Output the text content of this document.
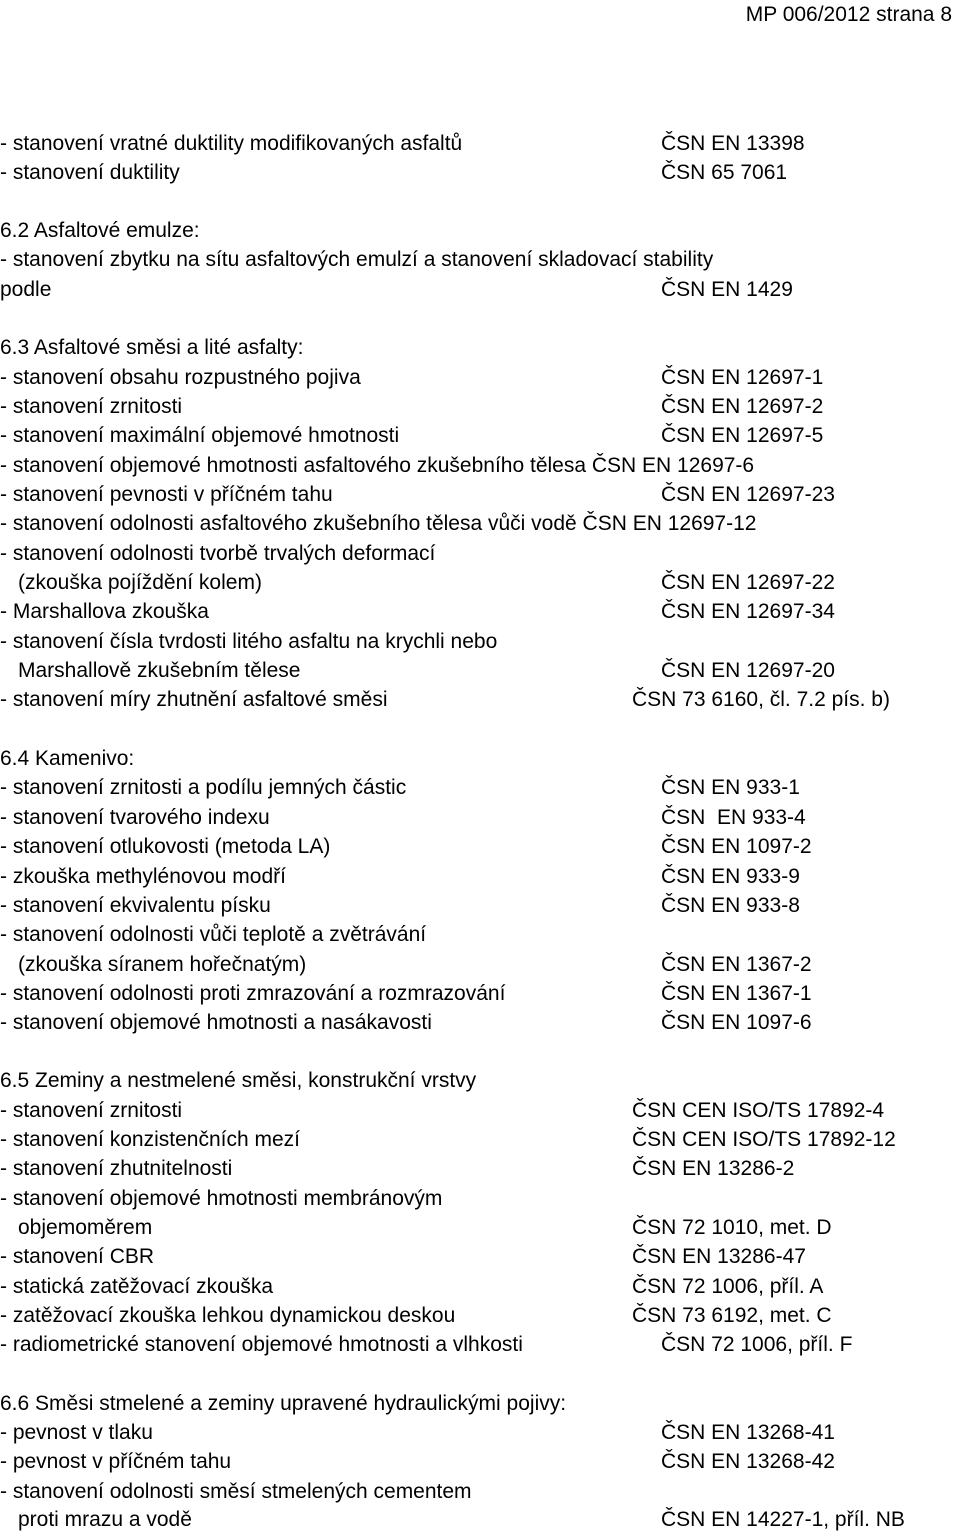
MP 006/2012 strana 8
- stanovení vratné duktility modifikovaných asfaltů	ČSN EN 13398
- stanovení duktility	ČSN 65 7061
6.2 Asfaltové emulze:
- stanovení zbytku na sítu asfaltových emulzí a stanovení skladovací stability
podle	ČSN EN 1429
6.3 Asfaltové směsi a lité asfalty:
- stanovení obsahu rozpustného pojiva	ČSN EN 12697-1
- stanovení zrnitosti	ČSN EN 12697-2
- stanovení maximální objemové hmotnosti	ČSN EN 12697-5
- stanovení objemové hmotnosti asfaltového zkušebního tělesa ČSN EN 12697-6
- stanovení pevnosti v příčném tahu	ČSN EN 12697-23
- stanovení odolnosti asfaltového zkušebního tělesa vůči vodě ČSN EN 12697-12
- stanovení odolnosti tvorbě trvalých deformací
(zkouška pojíždění kolem)	ČSN EN 12697-22
- Marshallova zkouška	ČSN EN 12697-34
- stanovení čísla tvrdosti litého asfaltu na krychli nebo
Marshallově zkušebním tělese	ČSN EN 12697-20
- stanovení míry zhutnění asfaltové směsi	ČSN 73 6160, čl. 7.2 pís. b)
6.4 Kamenivo:
- stanovení zrnitosti a podílu jemných částic	ČSN EN 933-1
- stanovení tvarového indexu	ČSN  EN 933-4
- stanovení otlukovosti (metoda LA)	ČSN EN 1097-2
- zkouška methylénovou modří	ČSN EN 933-9
- stanovení ekvivalentu písku	ČSN EN 933-8
- stanovení odolnosti vůči teplotě a zvětrávání
(zkouška síranem hořečnatým)	ČSN EN 1367-2
- stanovení odolnosti proti zmrazování a rozmrazování	ČSN EN 1367-1
- stanovení objemové hmotnosti a nasákavosti	ČSN EN 1097-6
6.5 Zeminy a nestmelené směsi, konstrukční vrstvy
- stanovení zrnitosti	ČSN CEN ISO/TS 17892-4
- stanovení konzistenčních mezí	ČSN CEN ISO/TS 17892-12
- stanovení zhutnitelnosti	ČSN EN 13286-2
- stanovení objemové hmotnosti membránovým
objemoměrem	ČSN 72 1010, met. D
- stanovení CBR	ČSN EN 13286-47
- statická zatěžovací zkouška	ČSN 72 1006, příl. A
- zatěžovací zkouška lehkou dynamickou deskou	ČSN 73 6192, met. C
- radiometrické stanovení objemové hmotnosti a vlhkosti	ČSN 72 1006, příl. F
6.6 Směsi stmelené a zeminy upravené hydraulickými pojivy:
- pevnost v tlaku	ČSN EN 13268-41
- pevnost v příčném tahu	ČSN EN 13268-42
- stanovení odolnosti směsí stmelených cementem
proti mrazu a vodě	ČSN EN 14227-1, příl. NB
